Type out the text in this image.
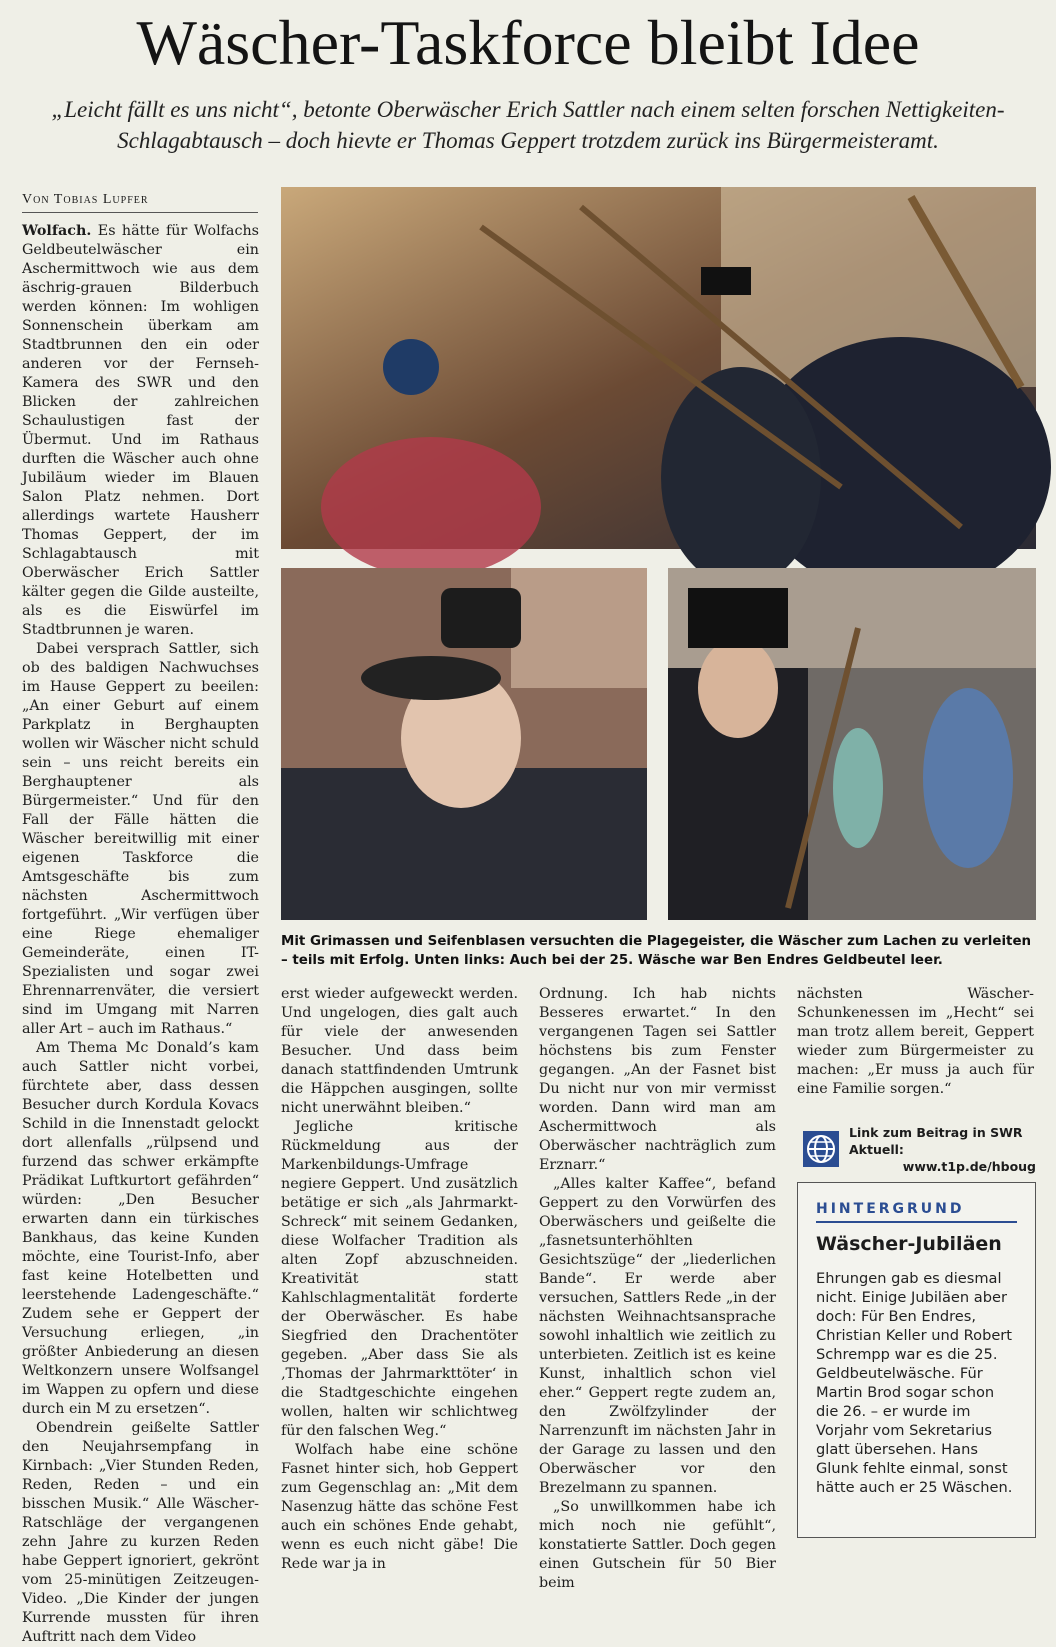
Wäscher-Taskforce bleibt Idee
„Leicht fällt es uns nicht“, betonte Oberwäscher Erich Sattler nach einem selten forschen Nettigkeiten-Schlagabtausch – doch hievte er Thomas Geppert trotzdem zurück ins Bürgermeisteramt.
Von Tobias Lupfer

Wolfach. Es hätte für Wolfachs Geldbeutelwäscher ein Aschermittwoch wie aus dem äschrig-grauen Bilderbuch werden können: Im wohligen Sonnenschein überkam am Stadtbrunnen den ein oder anderen vor der Fernseh-Kamera des SWR und den Blicken der zahlreichen Schaulustigen fast der Übermut. Und im Rathaus durften die Wäscher auch ohne Jubiläum wieder im Blauen Salon Platz nehmen. Dort allerdings wartete Hausherr Thomas Geppert, der im Schlagabtausch mit Oberwäscher Erich Sattler kälter gegen die Gilde austeilte, als es die Eiswürfel im Stadtbrunnen je waren.

Dabei versprach Sattler, sich ob des baldigen Nachwuchses im Hause Geppert zu beeilen: „An einer Geburt auf einem Parkplatz in Berghaupten wollen wir Wäscher nicht schuld sein – uns reicht bereits ein Berghauptener als Bürgermeister.“ Und für den Fall der Fälle hätten die Wäscher bereitwillig mit einer eigenen Taskforce die Amtsgeschäfte bis zum nächsten Aschermittwoch fortgeführt. „Wir verfügen über eine Riege ehemaliger Gemeinderäte, einen IT-Spezialisten und sogar zwei Ehrennarrenväter, die versiert sind im Umgang mit Narren aller Art – auch im Rathaus.“

Am Thema Mc Donald’s kam auch Sattler nicht vorbei, fürchtete aber, dass dessen Besucher durch Kordula Kovacs Schild in die Innenstadt gelockt dort allenfalls „rülpsend und furzend das schwer erkämpfte Prädikat Luftkurtort gefährden“ würden: „Den Besucher erwarten dann ein türkisches Bankhaus, das keine Kunden möchte, eine Tourist-Info, aber fast keine Hotelbetten und leerstehende Ladengeschäfte.“ Zudem sehe er Geppert der Versuchung erliegen, „in größter Anbiederung an diesen Weltkonzern unsere Wolfsangel im Wappen zu opfern und diese durch ein M zu ersetzen“.

Obendrein geißelte Sattler den Neujahrsempfang in Kirnbach: „Vier Stunden Reden, Reden, Reden – und ein bisschen Musik.“ Alle Wäscher-Ratschläge der vergangenen zehn Jahre zu kurzen Reden habe Geppert ignoriert, gekrönt vom 25-minütigen Zeitzeugen-Video. „Die Kinder der jungen Kurrende mussten für ihren Auftritt nach dem Video

Mit Grimassen und Seifenblasen versuchten die Plagegeister, die Wäscher zum Lachen zu verleiten – teils mit Erfolg. Unten links: Auch bei der 25. Wäsche war Ben Endres Geldbeutel leer.

erst wieder aufgeweckt werden. Und ungelogen, dies galt auch für viele der anwesenden Besucher. Und dass beim danach stattfindenden Umtrunk die Häppchen ausgingen, sollte nicht unerwähnt bleiben.“

Jegliche kritische Rückmeldung aus der Markenbildungs-Umfrage negiere Geppert. Und zusätzlich betätige er sich „als Jahrmarkt-Schreck“ mit seinem Gedanken, diese Wolfacher Tradition als alten Zopf abzuschneiden. Kreativität statt Kahlschlagmentalität forderte der Oberwäscher. Es habe Siegfried den Drachentöter gegeben. „Aber dass Sie als ‚Thomas der Jahrmarkttöter‘ in die Stadtgeschichte eingehen wollen, halten wir schlichtweg für den falschen Weg.“

Wolfach habe eine schöne Fasnet hinter sich, hob Geppert zum Gegenschlag an: „Mit dem Nasenzug hätte das schöne Fest auch ein schönes Ende gehabt, wenn es euch nicht gäbe! Die Rede war ja in

Ordnung. Ich hab nichts Besseres erwartet.“ In den vergangenen Tagen sei Sattler höchstens bis zum Fenster gegangen. „An der Fasnet bist Du nicht nur von mir vermisst worden. Dann wird man am Aschermittwoch als Oberwäscher nachträglich zum Erznarr.“

„Alles kalter Kaffee“, befand Geppert zu den Vorwürfen des Oberwäschers und geißelte die „fasnetsunterhöhlten Gesichtszüge“ der „liederlichen Bande“. Er werde aber versuchen, Sattlers Rede „in der nächsten Weihnachtsansprache sowohl inhaltlich wie zeitlich zu unterbieten. Zeitlich ist es keine Kunst, inhaltlich schon viel eher.“ Geppert regte zudem an, den Zwölfzylinder der Narrenzunft im nächsten Jahr in der Garage zu lassen und den Oberwäscher vor den Brezelmann zu spannen.

„So unwillkommen habe ich mich noch nie gefühlt“, konstatierte Sattler. Doch gegen einen Gutschein für 50 Bier beim

nächsten Wäscher-Schunkenessen im „Hecht“ sei man trotz allem bereit, Geppert wieder zum Bürgermeister zu machen: „Er muss ja auch für eine Familie sorgen.“

Link zum Beitrag in SWR Aktuell:
www.t1p.de/hboug
HINTERGRUND
Wäscher-Jubiläen
Ehrungen gab es diesmal nicht. Einige Jubiläen aber doch: Für Ben Endres, Christian Keller und Robert Schrempp war es die 25. Geldbeutelwäsche. Für Martin Brod sogar schon die 26. – er wurde im Vorjahr vom Sekretarius glatt übersehen. Hans Glunk fehlte einmal, sonst hätte auch er 25 Wäschen.
